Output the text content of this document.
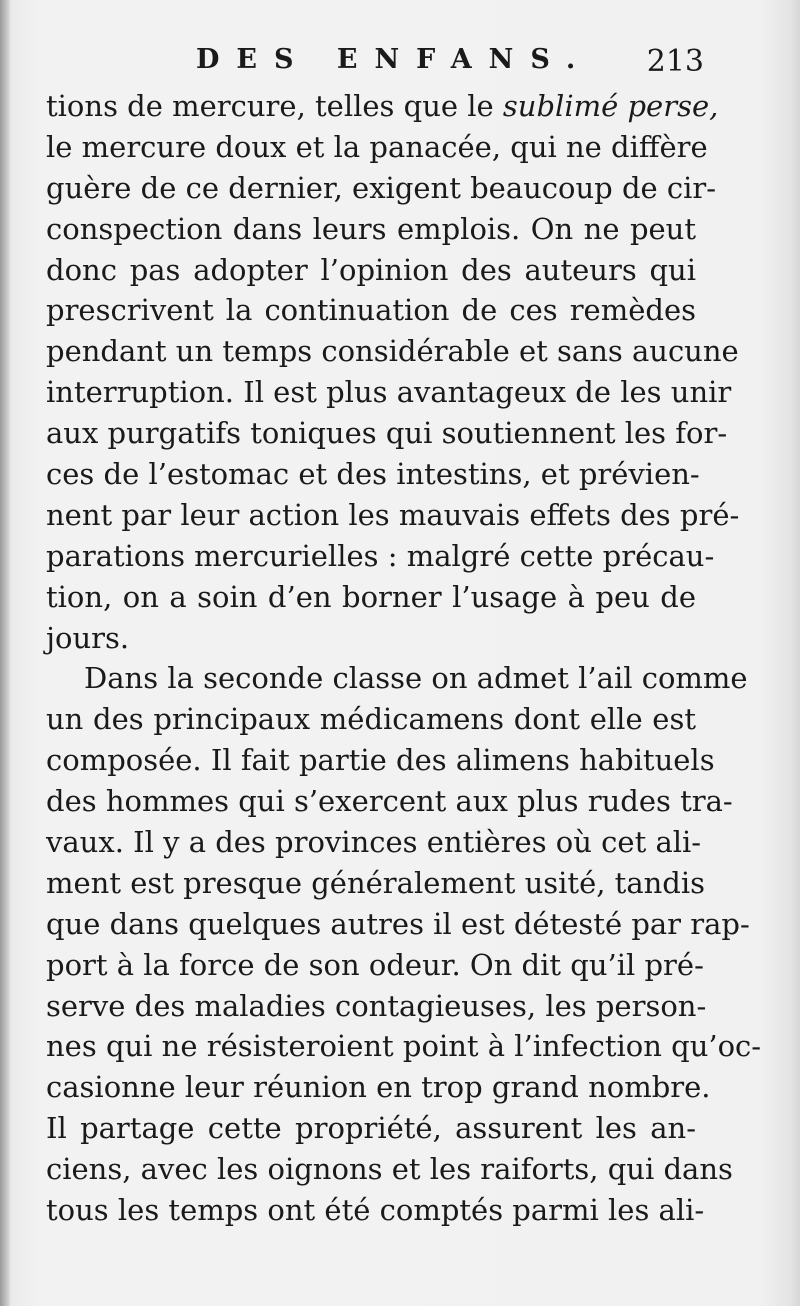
DES ENFANS. 213
tions de mercure, telles que le sublimé perse,
le mercure doux et la panacée, qui ne diffère
guère de ce dernier, exigent beaucoup de cir-
conspection dans leurs emplois. On ne peut
donc pas adopter l’opinion des auteurs qui
prescrivent la continuation de ces remèdes
pendant un temps considérable et sans aucune
interruption. Il est plus avantageux de les unir
aux purgatifs toniques qui soutiennent les for-
ces de l’estomac et des intestins, et prévien-
nent par leur action les mauvais effets des pré-
parations mercurielles : malgré cette précau-
tion, on a soin d’en borner l’usage à peu de
jours.
Dans la seconde classe on admet l’ail comme
un des principaux médicamens dont elle est
composée. Il fait partie des alimens habituels
des hommes qui s’exercent aux plus rudes tra-
vaux. Il y a des provinces entières où cet ali-
ment est presque généralement usité, tandis
que dans quelques autres il est détesté par rap-
port à la force de son odeur. On dit qu’il pré-
serve des maladies contagieuses, les person-
nes qui ne résisteroient point à l’infection qu’oc-
casionne leur réunion en trop grand nombre.
Il partage cette propriété, assurent les an-
ciens, avec les oignons et les raiforts, qui dans
tous les temps ont été comptés parmi les ali-
